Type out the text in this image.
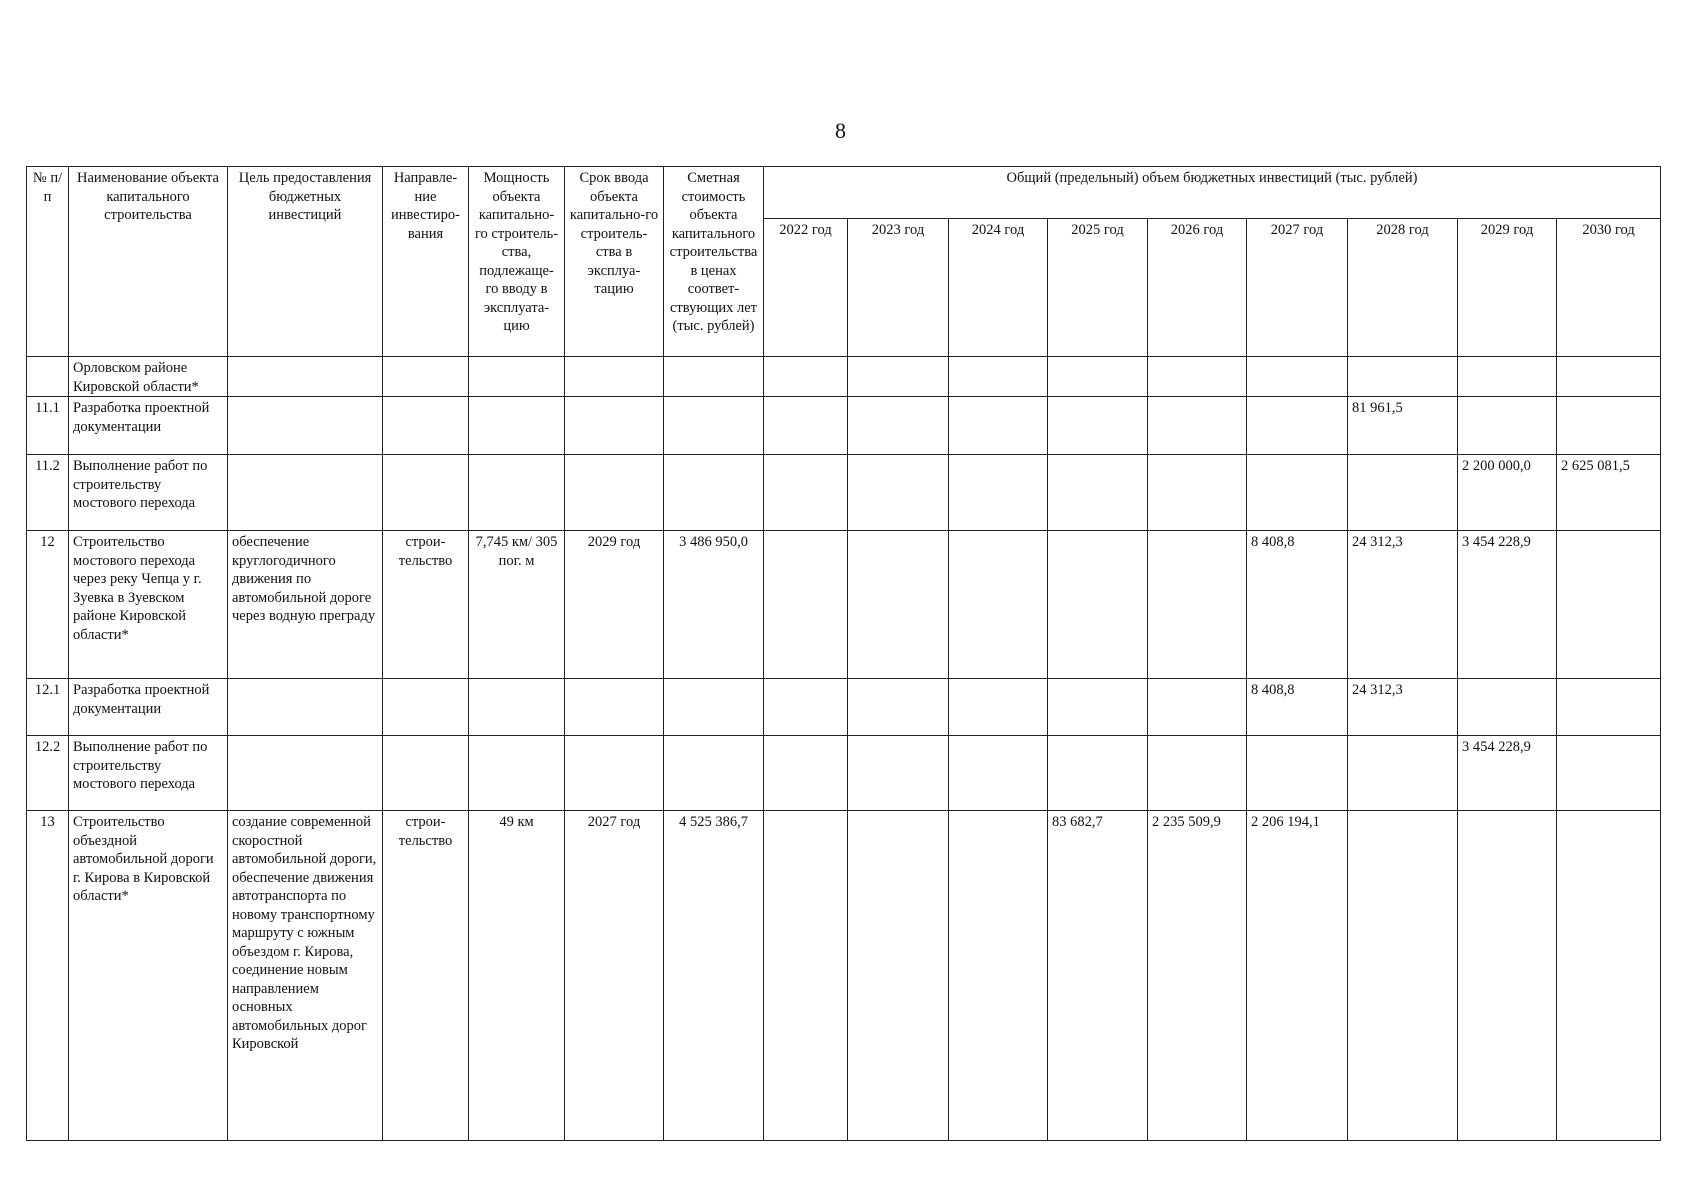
8
№ п/п	Наименование объекта капитального строительства	Цель предоставления бюджетных инвестиций	Направле-ние инвестиро-вания	Мощность объекта капитально-го строитель-ства, подлежаще-го вводу в эксплуата-цию	Срок ввода объекта капитально-го строитель-ства в эксплуа-тацию	Сметная стоимость объекта капитального строительства в ценах соответ-ствующих лет (тыс. рублей)	Общий (предельный) объем бюджетных инвестиций (тыс. рублей)								
							2022 год	2023 год	2024 год	2025 год	2026 год	2027 год	2028 год	2029 год	2030 год
	Орловском районе Кировской области*														
11.1	Разработка проектной документации												81 961,5		
11.2	Выполнение работ по строительству мостового перехода													2 200 000,0	2 625 081,5
12	Строительство мостового перехода через реку Чепца у г. Зуевка в Зуевском районе Кировской области*	обеспечение круглогодичного движения по автомобильной дороге через водную преграду	строи-тельство	7,745 км/ 305 пог. м	2029 год	3 486 950,0						8 408,8	24 312,3	3 454 228,9	
12.1	Разработка проектной документации											8 408,8	24 312,3		
12.2	Выполнение работ по строительству мостового перехода													3 454 228,9	
13	Строительство объездной автомобильной дороги г. Кирова в Кировской области*	создание современной скоростной автомобильной дороги, обеспечение движения автотранспорта по новому транспортному маршруту с южным объездом г. Кирова, соединение новым направлением основных автомобильных дорог Кировской	строи-тельство	49 км	2027 год	4 525 386,7				83 682,7	2 235 509,9	2 206 194,1			
